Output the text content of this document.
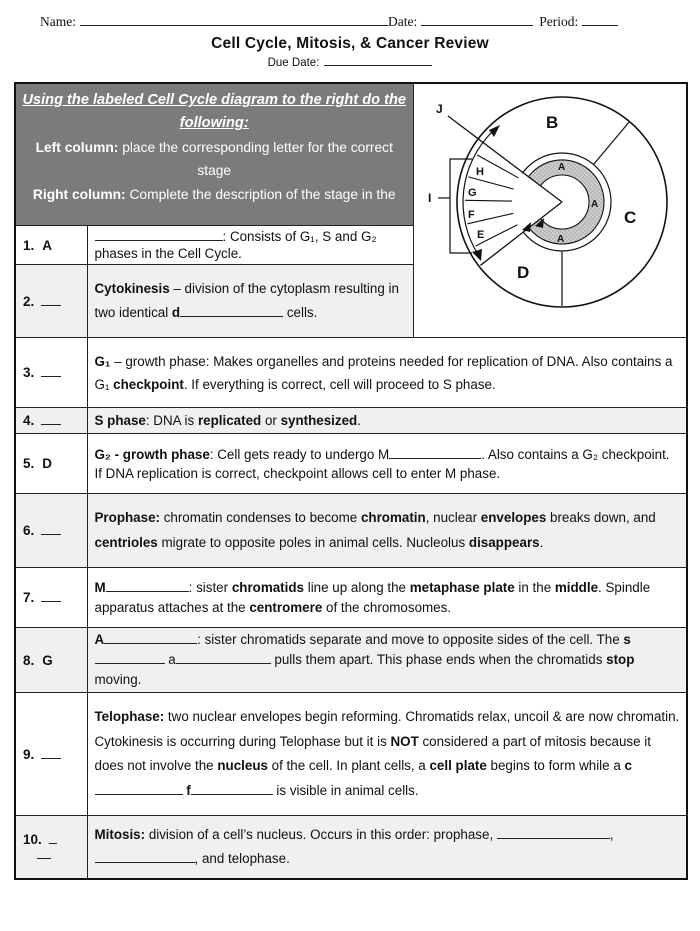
Name:	Date:	Period:
Cell Cycle, Mitosis, & Cancer Review
Due Date:
Using the labeled Cell Cycle diagram to the right do the following:
Left column: place the corresponding letter for the correct stage
Right column: Complete the description of the stage in the

B
C
D
E
F
G
H
I
J
A
A
A

1. A	: Consists of G₁, S and G₂ phases in the Cell Cycle.	
2.	Cytokinesis – division of the cytoplasm resulting in two identical d cells.	
3.	G₁ – growth phase: Makes organelles and proteins needed for replication of DNA. Also contains a G₁ checkpoint. If everything is correct, cell will proceed to S phase.	
4.	S phase: DNA is replicated or synthesized.	
5. D	G₂ - growth phase: Cell gets ready to undergo M . Also contains a G₂ checkpoint. If DNA replication is correct, checkpoint allows cell to enter M phase.	
6.	Prophase: chromatin condenses to become chromatin, nuclear envelopes breaks down, and centrioles migrate to opposite poles in animal cells. Nucleolus disappears.	
7.	M : sister chromatids line up along the metaphase plate in the middle. Spindle apparatus attaches at the centromere of the chromosomes.	
8. G	A : sister chromatids separate and move to opposite sides of the cell. The s a pulls them apart. This phase ends when the chromatids stop moving.	
9.	Telophase: two nuclear envelopes begin reforming. Chromatids relax, uncoil & are now chromatin. Cytokinesis is occurring during Telophase but it is NOT considered a part of mitosis because it does not involve the nucleus of the cell. In plant cells, a cell plate begins to form while a c f is visible in animal cells.	
10.	Mitosis: division of a cell’s nucleus. Occurs in this order: prophase, , , and telophase.	
